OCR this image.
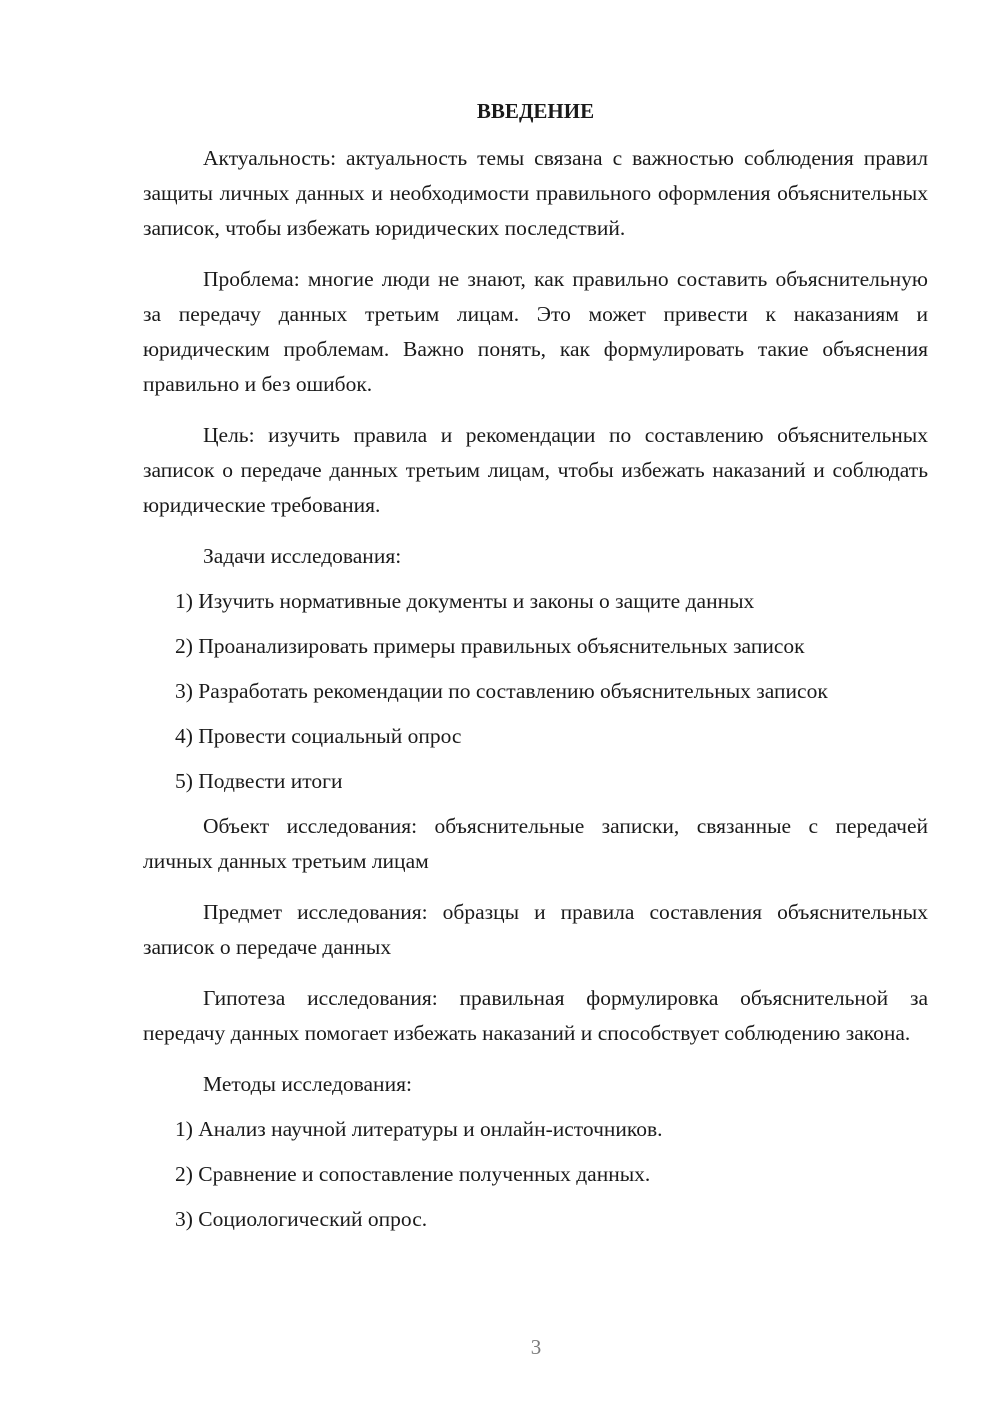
ВВЕДЕНИЕ

Актуальность: актуальность темы связана с важностью соблюдения правил защиты личных данных и необходимости правильного оформления объяснительных записок, чтобы избежать юридических последствий.

Проблема: многие люди не знают, как правильно составить объяснительную за передачу данных третьим лицам. Это может привести к наказаниям и юридическим проблемам. Важно понять, как формулировать такие объяснения правильно и без ошибок.

Цель: изучить правила и рекомендации по составлению объяснительных записок о передаче данных третьим лицам, чтобы избежать наказаний и соблюдать юридические требования.

Задачи исследования:

1) Изучить нормативные документы и законы о защите данных

2) Проанализировать примеры правильных объяснительных записок

3) Разработать рекомендации по составлению объяснительных записок

4) Провести социальный опрос

5) Подвести итоги

Объект исследования: объяснительные записки, связанные с передачей личных данных третьим лицам

Предмет исследования: образцы и правила составления объяснительных записок о передаче данных

Гипотеза исследования: правильная формулировка объяснительной за передачу данных помогает избежать наказаний и способствует соблюдению закона.

Методы исследования:

1) Анализ научной литературы и онлайн-источников.

2) Сравнение и сопоставление полученных данных.

3) Социологический опрос.

3
